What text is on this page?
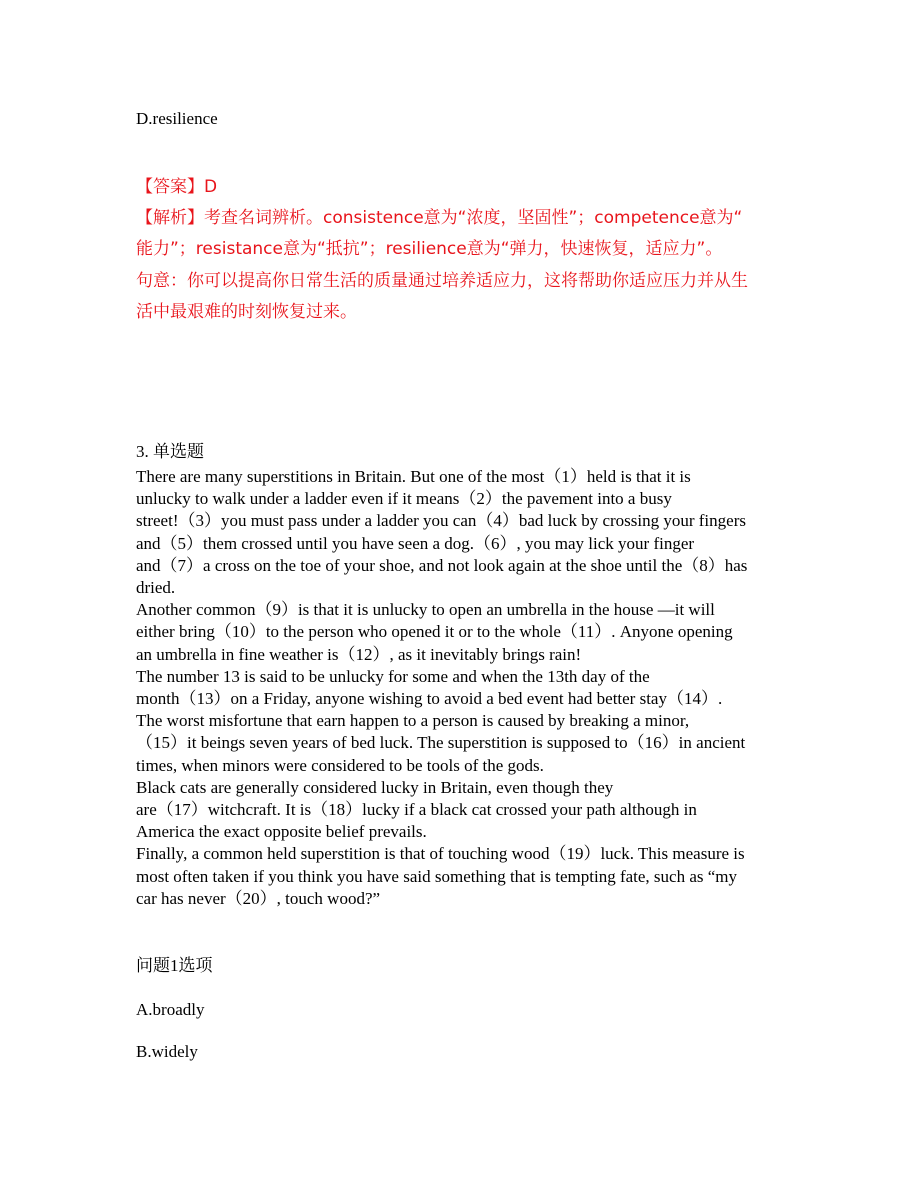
D.resilience
【答案】D
【解析】考查名词辨析。consistence意为“浓度，坚固性”；competence意为“
能力”；resistance意为“抵抗”；resilience意为“弹力，快速恢复，适应力”。
句意：你可以提高你日常生活的质量通过培养适应力，这将帮助你适应压力并从生
活中最艰难的时刻恢复过来。
3. 单选题
There are many superstitions in Britain. But one of the most（1）held is that it is
unlucky to walk under a ladder even if it means（2）the pavement into a busy
street!（3）you must pass under a ladder you can（4）bad luck by crossing your fingers
and（5）them crossed until you have seen a dog.（6）, you may lick your finger
and（7）a cross on the toe of your shoe, and not look again at the shoe until the（8）has
dried.
Another common（9）is that it is unlucky to open an umbrella in the house —it will
either bring（10）to the person who opened it or to the whole（11）. Anyone opening
an umbrella in fine weather is（12）, as it inevitably brings rain!
The number 13 is said to be unlucky for some and when the 13th day of the
month（13）on a Friday, anyone wishing to avoid a bed event had better stay（14）.
The worst misfortune that earn happen to a person is caused by breaking a minor,
（15）it beings seven years of bed luck. The superstition is supposed to（16）in ancient
times, when minors were considered to be tools of the gods.
Black cats are generally considered lucky in Britain, even though they
are（17）witchcraft. It is（18）lucky if a black cat crossed your path although in
America the exact opposite belief prevails.
Finally, a common held superstition is that of touching wood（19）luck. This measure is
most often taken if you think you have said something that is tempting fate, such as “my
car has never（20）, touch wood?”
问题1选项
A.broadly
B.widely
